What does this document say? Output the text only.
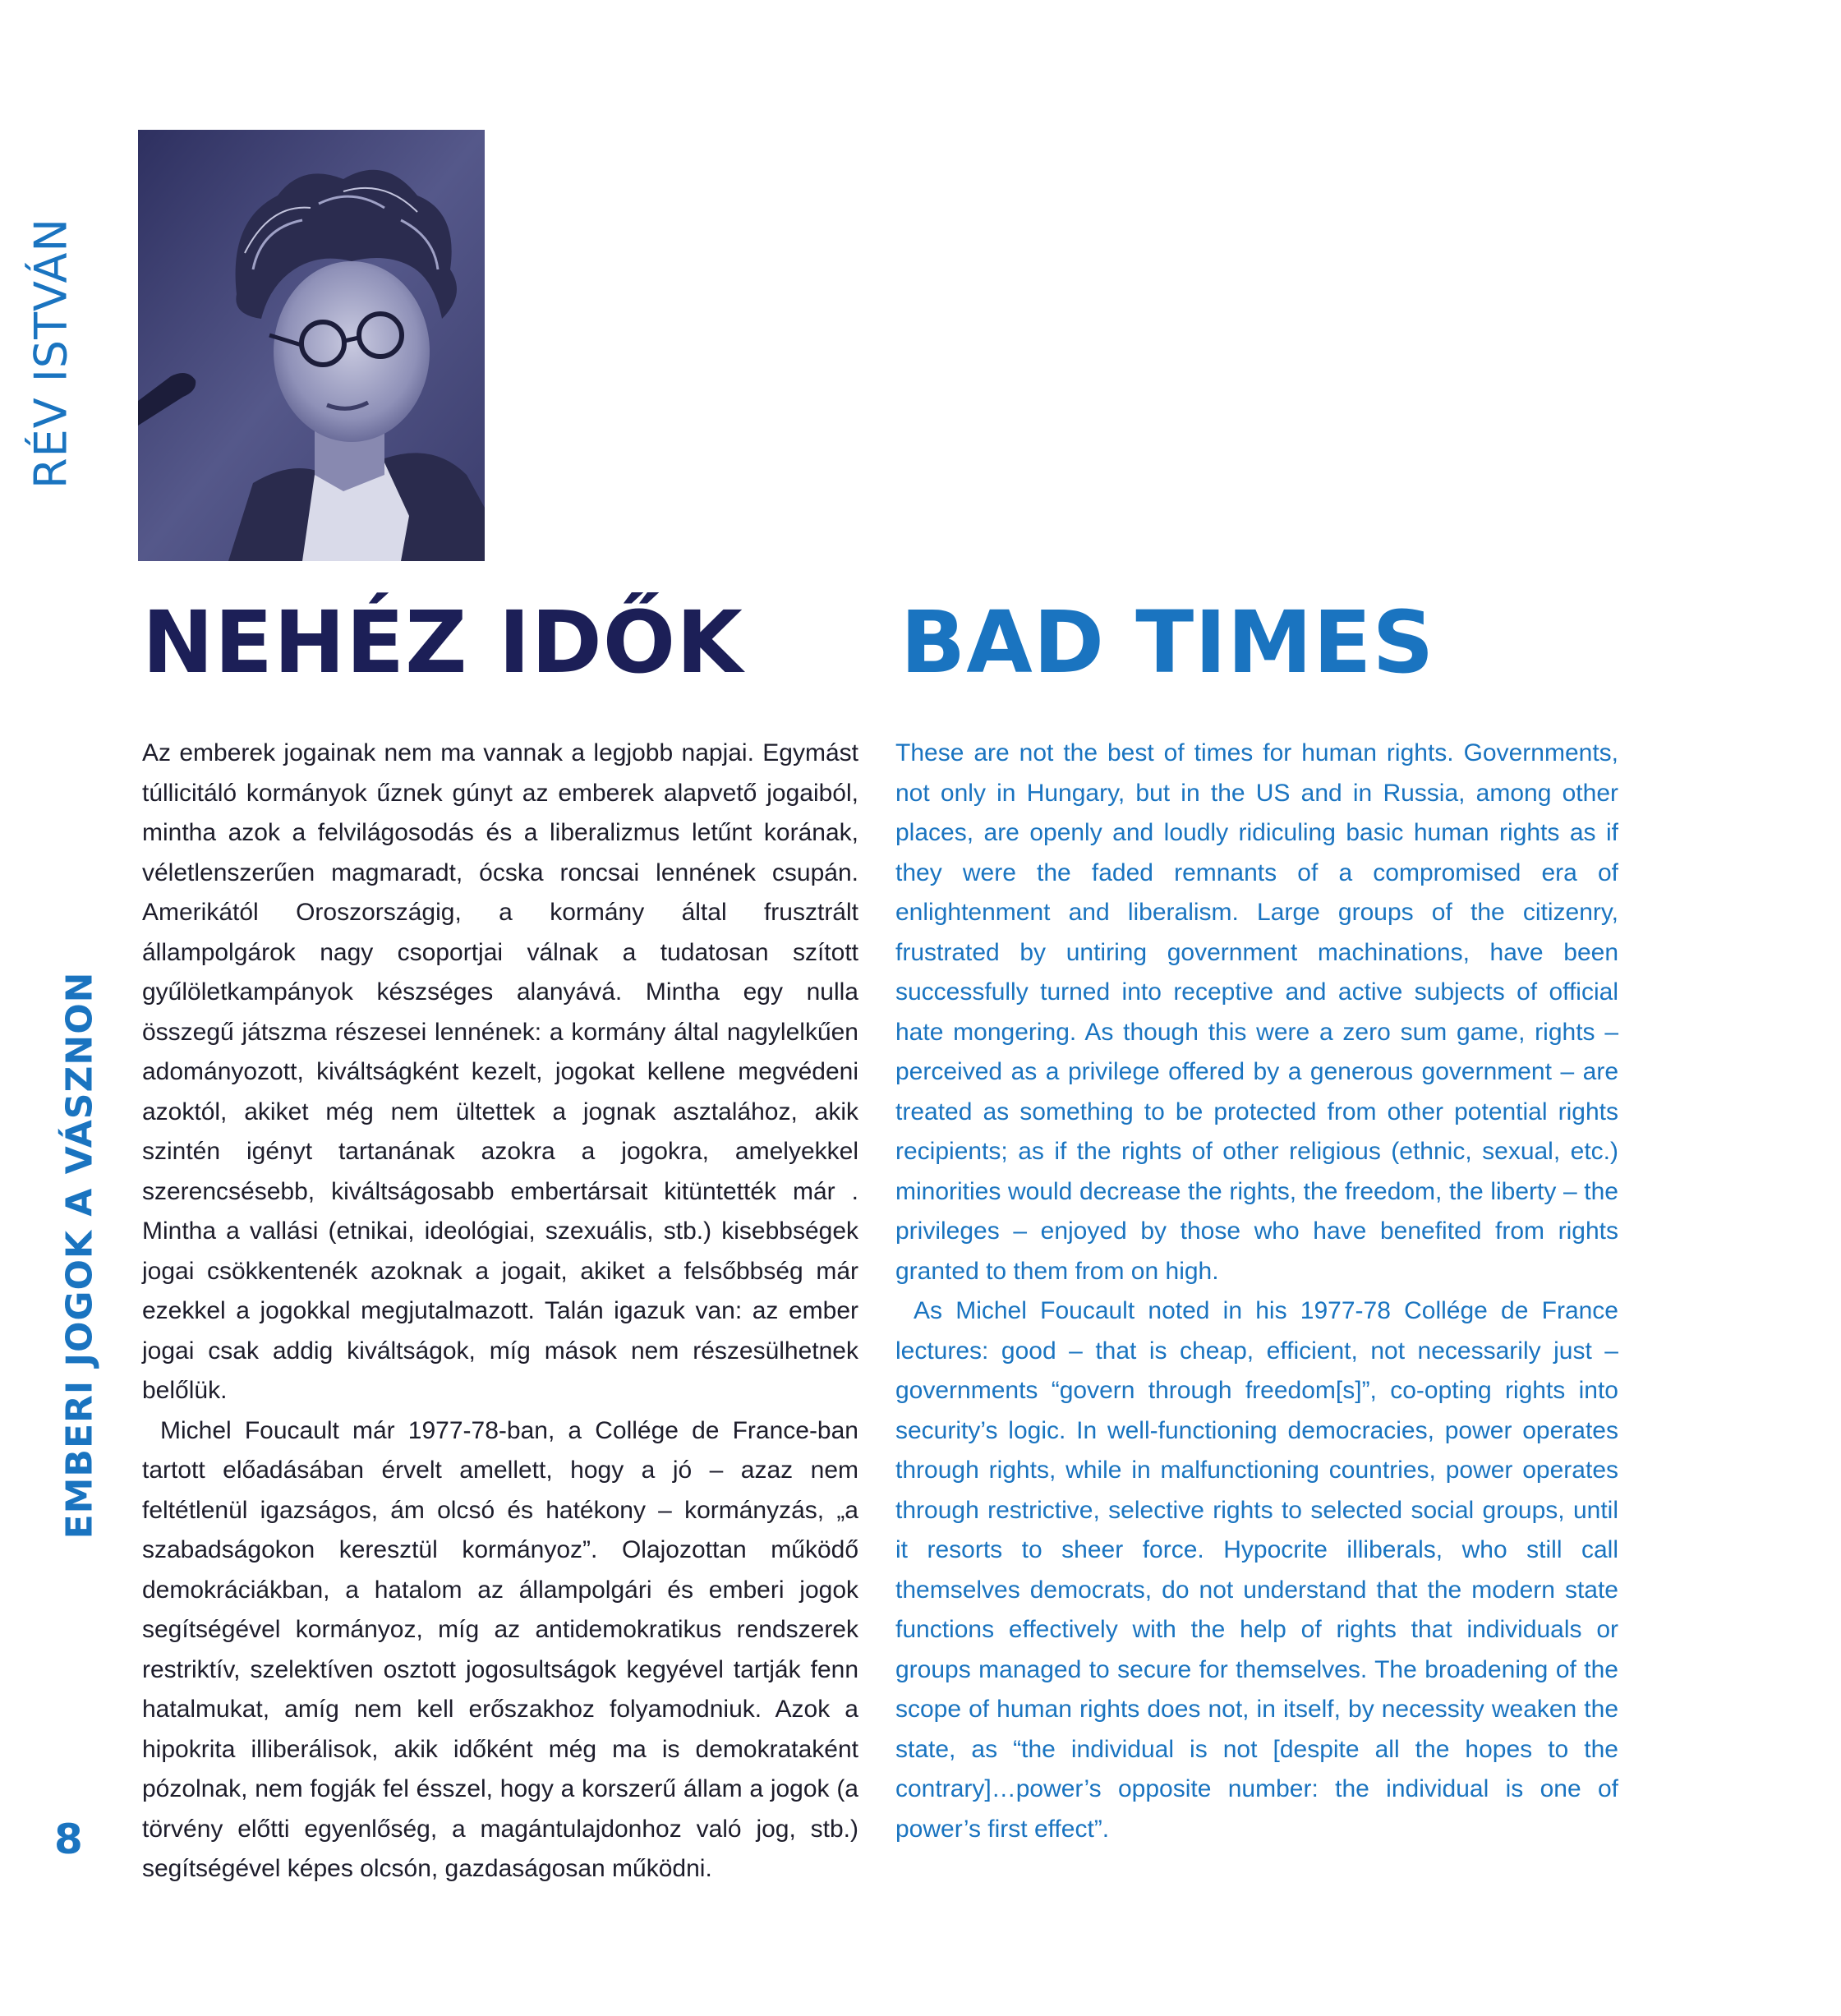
RÉV ISTVÁN
EMBERI JOGOK A VÁSZNON
8
NEHÉZ IDŐK BAD TIMES

Az emberek jogainak nem ma vannak a legjobb napjai. Egymást túllicitáló kormányok űznek gúnyt az emberek alapvető jogaiból, mintha azok a felvilágosodás és a liberalizmus letűnt korának, véletlenszerűen magmaradt, ócska roncsai lennének csupán. Amerikától Oroszországig, a kormány által frusztrált állampolgárok nagy csoportjai válnak a tudatosan szított gyűlöletkampányok készséges alanyává. Mintha egy nulla összegű játszma részesei lennének: a kormány által nagylelkűen adományozott, kiváltságként kezelt, jogokat kellene megvédeni azoktól, akiket még nem ültettek a jognak asztalához, akik szintén igényt tartanának azokra a jogokra, amelyekkel szerencsésebb, kiváltságosabb embertársait kitüntették már . Mintha a vallási (etnikai, ideológiai, szexuális, stb.) kisebbségek jogai csökkentenék azoknak a jogait, akiket a felsőbbség már ezekkel a jogokkal megjutalmazott. Talán igazuk van: az ember jogai csak addig kiváltságok, míg mások nem részesülhetnek belőlük.

Michel Foucault már 1977-78-ban, a Collége de France-ban tartott előadásában érvelt amellett, hogy a jó – azaz nem feltétlenül igazságos, ám olcsó és hatékony – kormányzás, „a szabadságokon keresztül kormányoz”. Olajozottan működő demokráciákban, a hatalom az állampolgári és emberi jogok segítségével kormányoz, míg az antidemokratikus rendszerek restriktív, szelektíven osztott jogosultságok kegyével tartják fenn hatalmukat, amíg nem kell erőszakhoz folyamodniuk. Azok a hipokrita illiberálisok, akik időként még ma is demokrataként pózolnak, nem fogják fel ésszel, hogy a korszerű állam a jogok (a törvény előtti egyenlőség, a magántulajdonhoz való jog, stb.) segítségével képes olcsón, gazdaságosan működni.

These are not the best of times for human rights. Governments, not only in Hungary, but in the US and in Russia, among other places, are openly and loudly ridiculing basic human rights as if they were the faded remnants of a compromised era of enlightenment and liberalism. Large groups of the citizenry, frustrated by untiring government machinations, have been successfully turned into receptive and active subjects of official hate mongering. As though this were a zero sum game, rights – perceived as a privilege offered by a generous government – are treated as something to be protected from other potential rights recipients; as if the rights of other religious (ethnic, sexual, etc.) minorities would decrease the rights, the freedom, the liberty – the privileges – enjoyed by those who have benefited from rights granted to them from on high.

As Michel Foucault noted in his 1977-78 Collége de France lectures: good – that is cheap, efficient, not necessarily just – governments “govern through freedom[s]”, co-opting rights into security’s logic. In well-functioning democracies, power operates through rights, while in malfunctioning countries, power operates through restrictive, selective rights to selected social groups, until it resorts to sheer force. Hypocrite illiberals, who still call themselves democrats, do not understand that the modern state functions effectively with the help of rights that individuals or groups managed to secure for themselves. The broadening of the scope of human rights does not, in itself, by necessity weaken the state, as “the individual is not [despite all the hopes to the contrary]…power’s opposite number: the individual is one of power’s first effect”.
